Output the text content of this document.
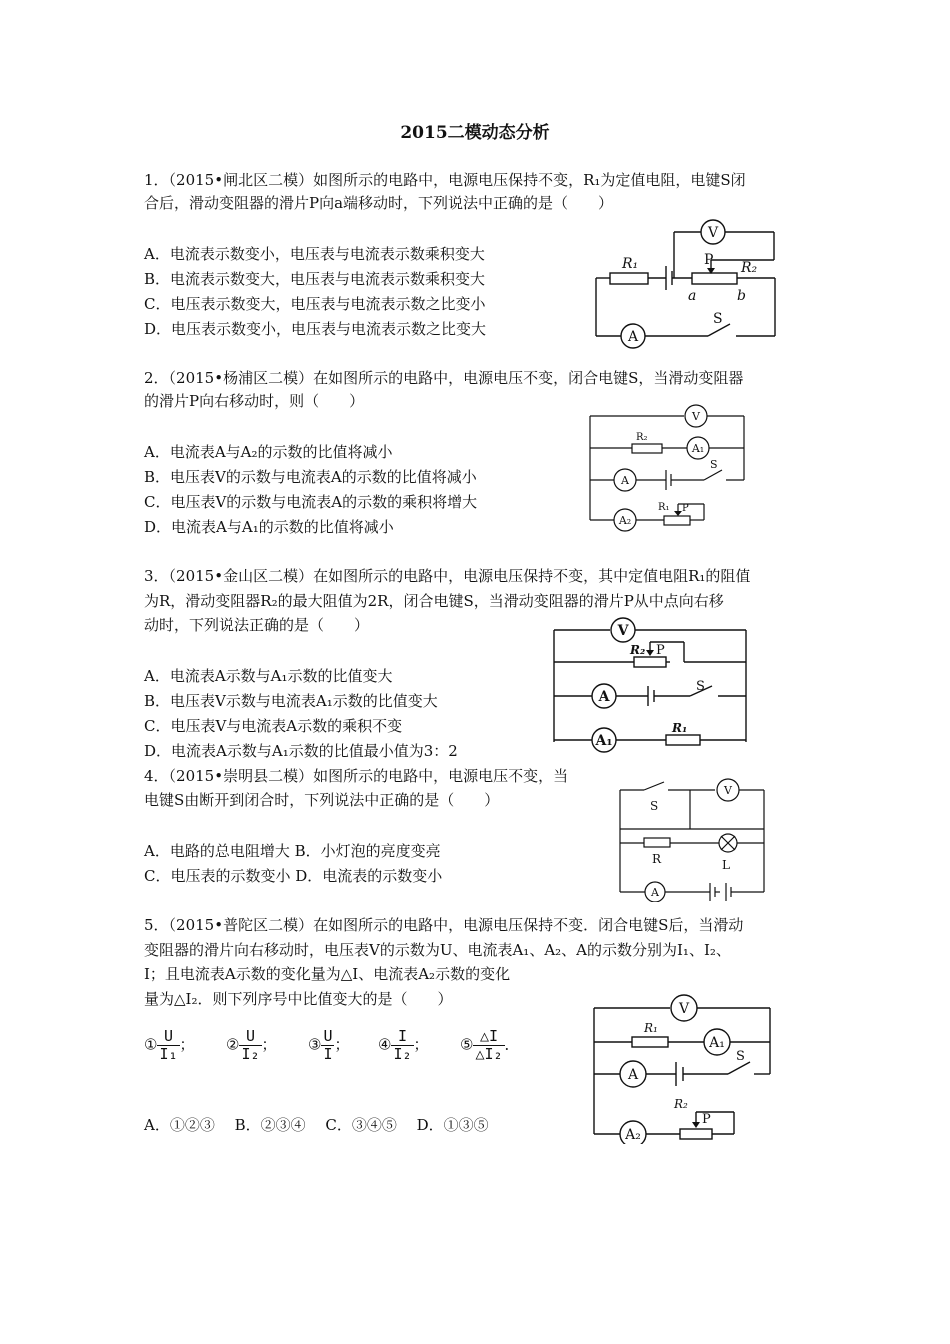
2015二模动态分析
1．（2015•闸北区二模）如图所示的电路中，电源电压保持不变，R₁为定值电阻，电键S闭
合后，滑动变阻器的滑片P向a端移动时，下列说法中正确的是（　　）
A．电流表示数变小，电压表与电流表示数乘积变大
B．电流表示数变大，电压表与电流表示数乘积变大
C．电压表示数变大，电压表与电流表示数之比变小
D．电压表示数变小，电压表与电流表示数之比变大
V
A
R₁	R₂
P
a	b
S
2．（2015•杨浦区二模）在如图所示的电路中，电源电压不变，闭合电键S，当滑动变阻器
的滑片P向右移动时，则（　　）
A．电流表A与A₂的示数的比值将减小
B．电压表V的示数与电流表A的示数的比值将减小
C．电压表V的示数与电流表A的示数的乘积将增大
D．电流表A与A₁的示数的比值将减小
V
R₂
A₁
A
S
R₁ P
A₂
3．（2015•金山区二模）在如图所示的电路中，电源电压保持不变，其中定值电阻R₁的阻值
为R，滑动变阻器R₂的最大阻值为2R，闭合电键S，当滑动变阻器的滑片P从中点向右移
动时，下列说法正确的是（　　）
A．电流表A示数与A₁示数的比值变大
B．电压表V示数与电流表A₁示数的比值变大
C．电压表V与电流表A示数的乘积不变
D．电流表A示数与A₁示数的比值最小值为3：2
V
R₂ P
A
S
A₁
R₁
4．（2015•崇明县二模）如图所示的电路中，电源电压不变，当
电键S由断开到闭合时，下列说法中正确的是（　　）
A．电路的总电阻增大 B．小灯泡的亮度变亮
C．电压表的示数变小 D．电流表的示数变小
S
V
R	L
A
5．（2015•普陀区二模）在如图所示的电路中，电源电压保持不变．闭合电键S后，当滑动
变阻器的滑片向右移动时，电压表V的示数为U、电流表A₁、A₂、A的示数分别为I₁、I₂、
I；且电流表A示数的变化量为△I、电流表A₂示数的变化
量为△I₂．则下列序号中比值变大的是（　　）
① $\frac{U}{\text{I₁}}$ ； ② $\frac{U}{\text{I₂}}$ ； ③ $\frac{U}{I}$ ； ④ $\frac{I}{\text{I₂}}$ ； ⑤ $\frac{\triangle I}{\text{△I₂}}$ ．
A．①②③　 B．②③④　 C．③④⑤　 D．①③⑤
V
R₁
A₁
A
S
R₂
P
A₂
